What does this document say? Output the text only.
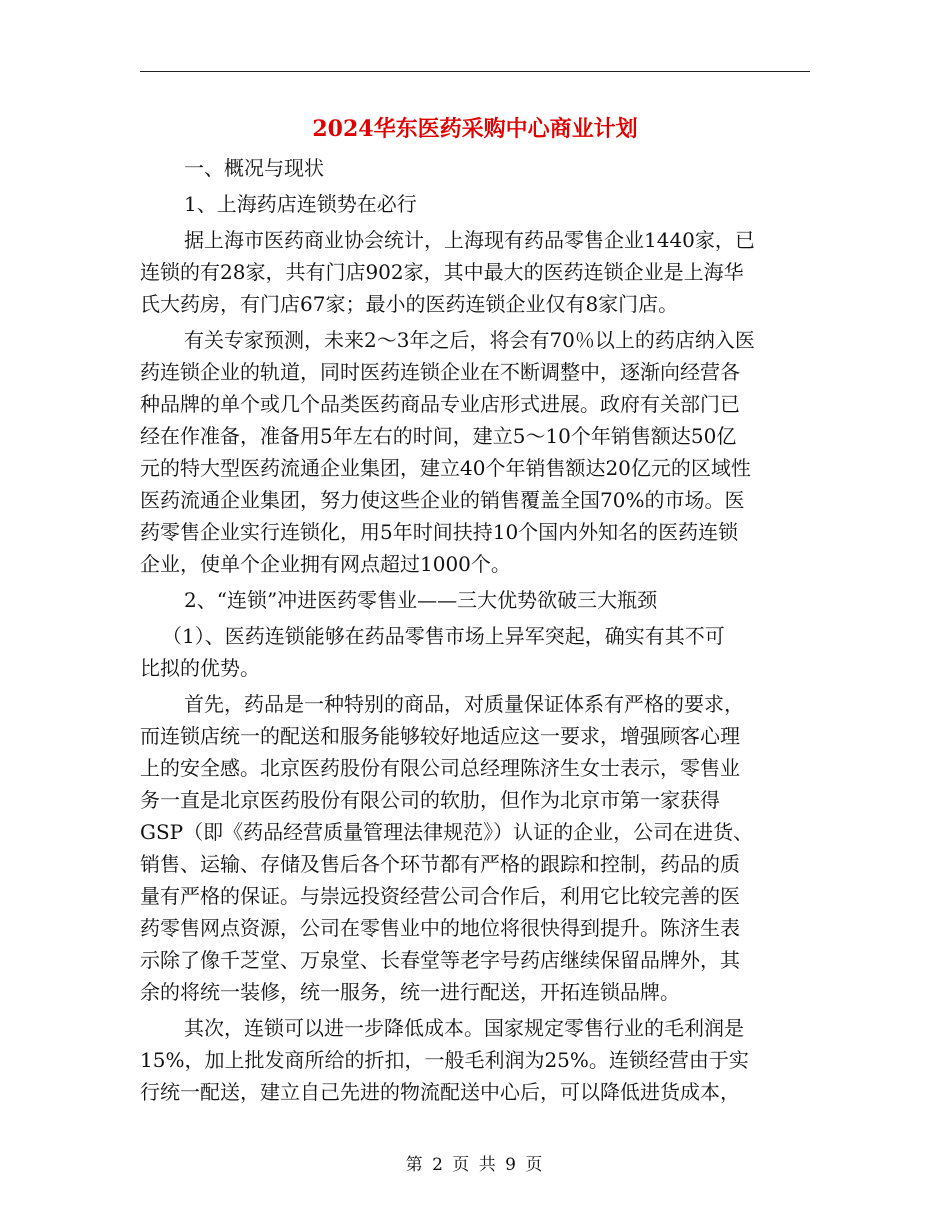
2024华东医药采购中心商业计划
一、概况与现状
1、上海药店连锁势在必行
据上海市医药商业协会统计，上海现有药品零售企业1440家，已
连锁的有28家，共有门店902家，其中最大的医药连锁企业是上海华
氏大药房，有门店67家；最小的医药连锁企业仅有8家门店。
有关专家预测，未来2～3年之后，将会有70％以上的药店纳入医
药连锁企业的轨道，同时医药连锁企业在不断调整中，逐渐向经营各
种品牌的单个或几个品类医药商品专业店形式进展。政府有关部门已
经在作准备，准备用5年左右的时间，建立5～10个年销售额达50亿
元的特大型医药流通企业集团，建立40个年销售额达20亿元的区域性
医药流通企业集团，努力使这些企业的销售覆盖全国70%的市场。医
药零售企业实行连锁化，用5年时间扶持10个国内外知名的医药连锁
企业，使单个企业拥有网点超过1000个。
2、“连锁”冲进医药零售业——三大优势欲破三大瓶颈
（1）、医药连锁能够在药品零售市场上异军突起，确实有其不可
比拟的优势。
首先，药品是一种特别的商品，对质量保证体系有严格的要求，
而连锁店统一的配送和服务能够较好地适应这一要求，增强顾客心理
上的安全感。北京医药股份有限公司总经理陈济生女士表示，零售业
务一直是北京医药股份有限公司的软肋，但作为北京市第一家获得
GSP（即《药品经营质量管理法律规范》）认证的企业，公司在进货、
销售、运输、存储及售后各个环节都有严格的跟踪和控制，药品的质
量有严格的保证。与崇远投资经营公司合作后，利用它比较完善的医
药零售网点资源，公司在零售业中的地位将很快得到提升。陈济生表
示除了像千芝堂、万泉堂、长春堂等老字号药店继续保留品牌外，其
余的将统一装修，统一服务，统一进行配送，开拓连锁品牌。
其次，连锁可以进一步降低成本。国家规定零售行业的毛利润是
15%，加上批发商所给的折扣，一般毛利润为25%。连锁经营由于实
行统一配送，建立自己先进的物流配送中心后，可以降低进货成本，
第 2 页 共 9 页
